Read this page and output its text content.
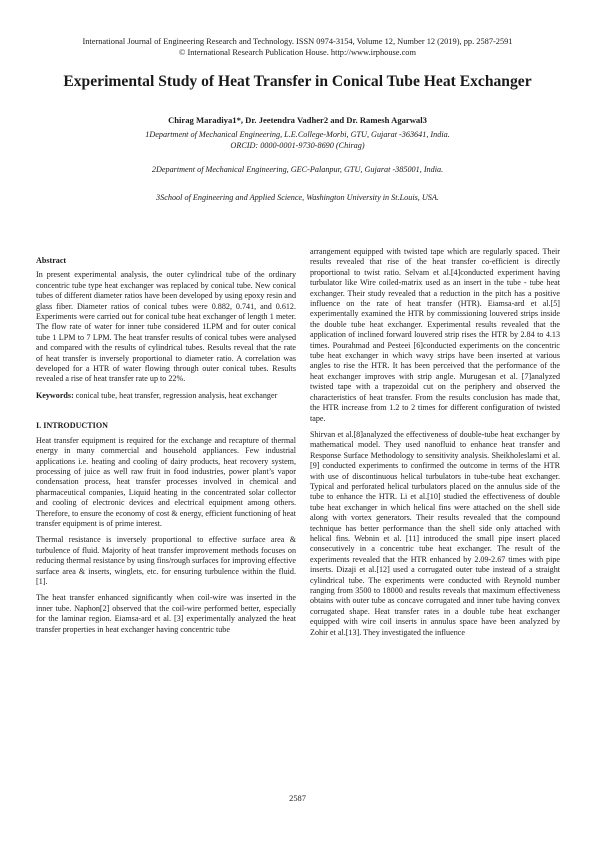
International Journal of Engineering Research and Technology. ISSN 0974-3154, Volume 12, Number 12 (2019), pp. 2587-2591
© International Research Publication House. http://www.irphouse.com
Experimental Study of Heat Transfer in Conical Tube Heat Exchanger
Chirag Maradiya1*, Dr. Jeetendra Vadher2 and Dr. Ramesh Agarwal3
1Department of Mechanical Engineering, L.E.College-Morbi, GTU, Gujarat -363641, India.
ORCID: 0000-0001-9730-8690 (Chirag)
2Department of Mechanical Engineering, GEC-Palanpur, GTU, Gujarat -385001, India.
3School of Engineering and Applied Science, Washington University in St.Louis, USA.
Abstract

In present experimental analysis, the outer cylindrical tube of the ordinary concentric tube type heat exchanger was replaced by conical tube. New conical tubes of different diameter ratios have been developed by using epoxy resin and glass fiber. Diameter ratios of conical tubes were 0.882, 0.741, and 0.612. Experiments were carried out for conical tube heat exchanger of length 1 meter. The flow rate of water for inner tube considered 1LPM and for outer conical tube 1 LPM to 7 LPM. The heat transfer results of conical tubes were analysed and compared with the results of cylindrical tubes. Results reveal that the rate of heat transfer is inversely proportional to diameter ratio. A correlation was developed for a HTR of water flowing through outer conical tubes. Results revealed a rise of heat transfer rate up to 22%.

Keywords: conical tube, heat transfer, regression analysis, heat exchanger

I. INTRODUCTION

Heat transfer equipment is required for the exchange and recapture of thermal energy in many commercial and household appliances. Few industrial applications i.e. heating and cooling of dairy products, heat recovery system, processing of juice as well raw fruit in food industries, power plant’s vapor condensation process, heat transfer processes involved in chemical and pharmaceutical companies, Liquid heating in the concentrated solar collector and cooling of electronic devices and electrical equipment among others. Therefore, to ensure the economy of cost & energy, efficient functioning of heat transfer equipment is of prime interest.

Thermal resistance is inversely proportional to effective surface area & turbulence of fluid. Majority of heat transfer improvement methods focuses on reducing thermal resistance by using fins/rough surfaces for improving effective surface area & inserts, winglets, etc. for ensuring turbulence within the fluid.[1].

The heat transfer enhanced significantly when coil-wire was inserted in the inner tube. Naphon[2] observed that the coil-wire performed better, especially for the laminar region. Eiamsa-ard et al. [3] experimentally analyzed the heat transfer properties in heat exchanger having concentric tube

arrangement equipped with twisted tape which are regularly spaced. Their results revealed that rise of the heat transfer co-efficient is directly proportional to twist ratio. Selvam et al.[4]conducted experiment having turbulator like Wire coiled-matrix used as an insert in the tube - tube heat exchanger. Their study revealed that a reduction in the pitch has a positive influence on the rate of heat transfer (HTR). Eiamsa-ard et al.[5] experimentally examined the HTR by commissioning louvered strips inside the double tube heat exchanger. Experimental results revealed that the application of inclined forward louvered strip rises the HTR by 2.84 to 4.13 times. Pourahmad and Pesteei [6]conducted experiments on the concentric tube heat exchanger in which wavy strips have been inserted at various angles to rise the HTR. It has been perceived that the performance of the heat exchanger improves with strip angle. Murugesan et al. [7]analyzed twisted tape with a trapezoidal cut on the periphery and observed the characteristics of heat transfer. From the results conclusion has made that, the HTR increase from 1.2 to 2 times for different configuration of twisted tape.

Shirvan et al.[8]analyzed the effectiveness of double-tube heat exchanger by mathematical model. They used nanofluid to enhance heat transfer and Response Surface Methodology to sensitivity analysis. Sheikholeslami et al. [9] conducted experiments to confirmed the outcome in terms of the HTR with use of discontinuous helical turbulators in tube-tube heat exchanger. Typical and perforated helical turbulators placed on the annulus side of the tube to enhance the HTR. Li et al.[10] studied the effectiveness of double tube heat exchanger in which helical fins were attached on the shell side along with vortex generators. Their results revealed that the compound technique has better performance than the shell side only attached with helical fins. Webnin et al. [11] introduced the small pipe insert placed consecutively in a concentric tube heat exchanger. The result of the experiments revealed that the HTR enhanced by 2.09-2.67 times with pipe inserts. Dizaji et al.[12] used a corrugated outer tube instead of a straight cylindrical tube. The experiments were conducted with Reynold number ranging from 3500 to 18000 and results reveals that maximum effectiveness obtains with outer tube as concave corrugated and inner tube having convex corrugated shape. Heat transfer rates in a double tube heat exchanger equipped with wire coil inserts in annulus space have been analyzed by Zohir et al.[13]. They investigated the influence

2587
